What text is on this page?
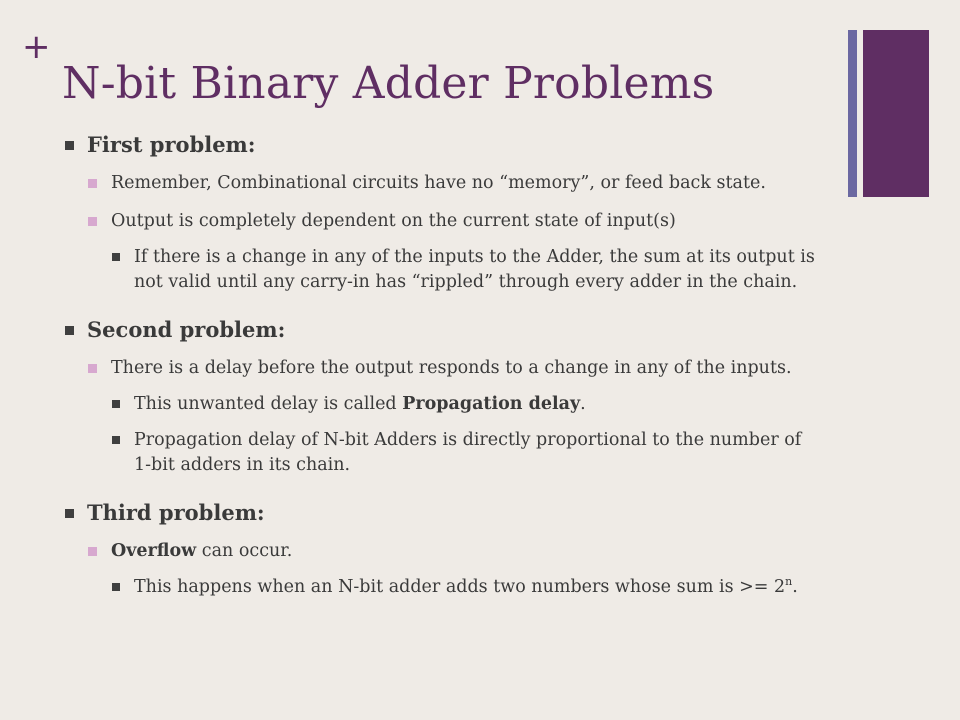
+
N-bit Binary Adder Problems
First problem:
Remember, Combinational circuits have no “memory”, or feed back state.
Output is completely dependent on the current state of input(s)
If there is a change in any of the inputs to the Adder, the sum at its output is not valid until any carry-in has “rippled” through every adder in the chain.
Second problem:
There is a delay before the output responds to a change in any of the inputs.
This unwanted delay is called Propagation delay.
Propagation delay of N-bit Adders is directly proportional to the number of 1-bit adders in its chain.
Third problem:
Overflow can occur.
This happens when an N-bit adder adds two numbers whose sum is >= $2^n$.
